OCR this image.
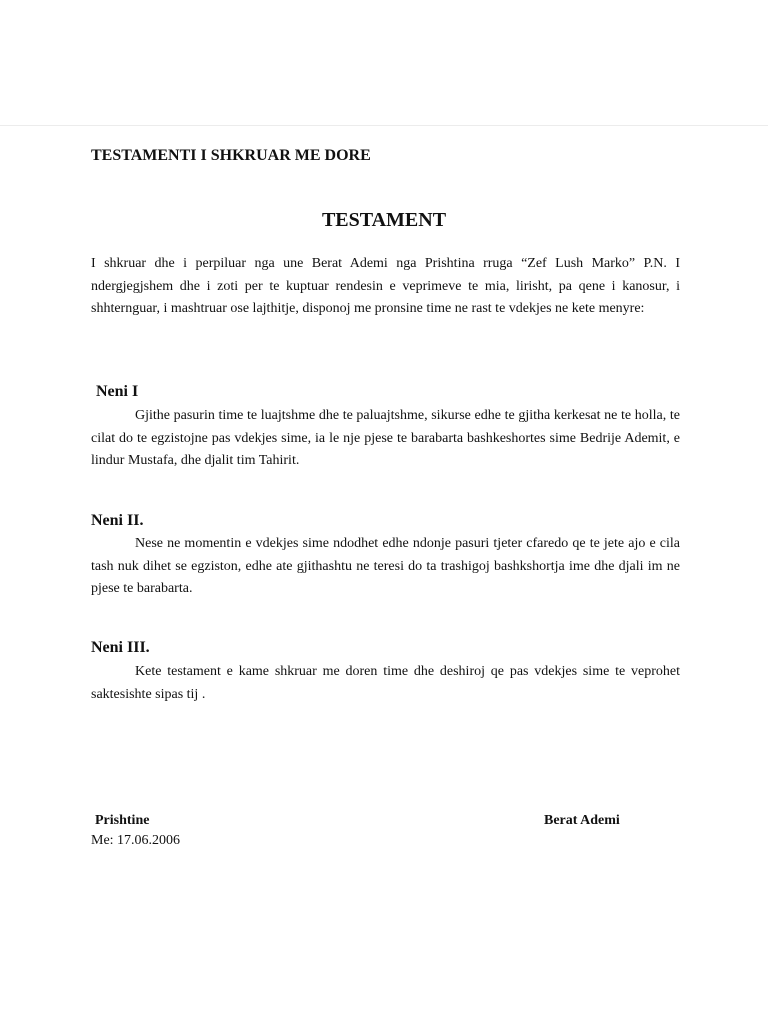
TESTAMENTI I SHKRUAR ME DORE
TESTAMENT
I shkruar dhe i perpiluar nga une Berat Ademi nga Prishtina rruga “Zef Lush Marko” P.N. I ndergjegjshem dhe i zoti per te kuptuar rendesin e veprimeve te mia, lirisht, pa qene i kanosur, i shhternguar, i mashtruar ose lajthitje, disponoj me pronsine time ne rast te vdekjes ne kete menyre:
Neni I
Gjithe pasurin time te luajtshme dhe te paluajtshme, sikurse edhe te gjitha kerkesat ne te holla, te cilat do te egzistojne pas vdekjes sime, ia le nje pjese te barabarta bashkeshortes sime Bedrije Ademit, e lindur Mustafa, dhe djalit tim Tahirit.
Neni II.
Nese ne momentin e vdekjes sime ndodhet edhe ndonje pasuri tjeter cfaredo qe te jete ajo e cila tash nuk dihet se egziston, edhe ate gjithashtu ne teresi do ta trashigoj bashkshortja ime dhe djali im ne pjese te barabarta.
Neni III.
Kete testament e kame shkruar me doren time dhe deshiroj qe pas vdekjes sime te veprohet saktesishte sipas tij .
Prishtine
Me: 17.06.2006
Berat Ademi
